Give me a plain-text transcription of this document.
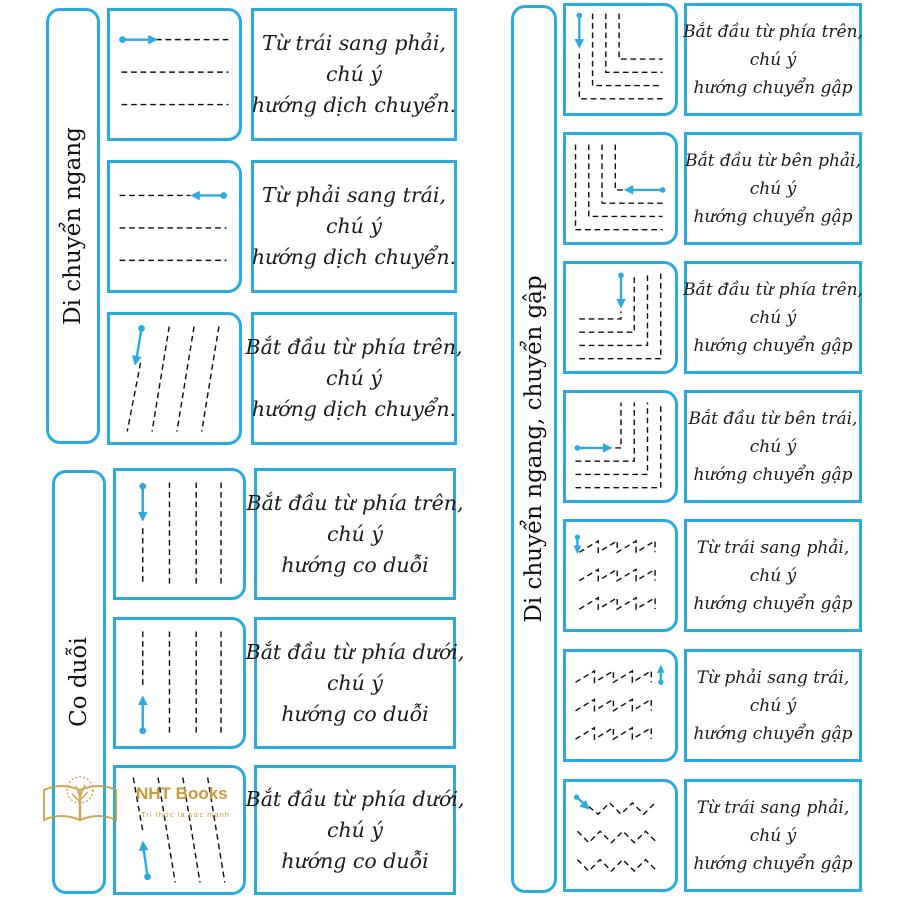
Di chuyển ngang
Co duỗi
Di chuyển ngang, chuyển gập
Từ trái sang phải,
chú ý
hướng dịch chuyển.
Từ phải sang trái,
chú ý
hướng dịch chuyển.
Bắt đầu từ phía trên,
chú ý
hướng dịch chuyển.
Bắt đầu từ phía trên,
chú ý
hướng co duỗi
Bắt đầu từ phía dưới,
chú ý
hướng co duỗi
Bắt đầu từ phía dưới,
chú ý
hướng co duỗi
Bắt đầu từ phía trên,
chú ý
hướng chuyển gập
Bắt đầu từ bên phải,
chú ý
hướng chuyển gập
Bắt đầu từ phía trên,
chú ý
hướng chuyển gập
Bắt đầu từ bên trái,
chú ý
hướng chuyển gập
Từ trái sang phải,
chú ý
hướng chuyển gập
Từ phải sang trái,
chú ý
hướng chuyển gập
Từ trái sang phải,
chú ý
hướng chuyển gập
NHT Books
Tri thức là sức mạnh
